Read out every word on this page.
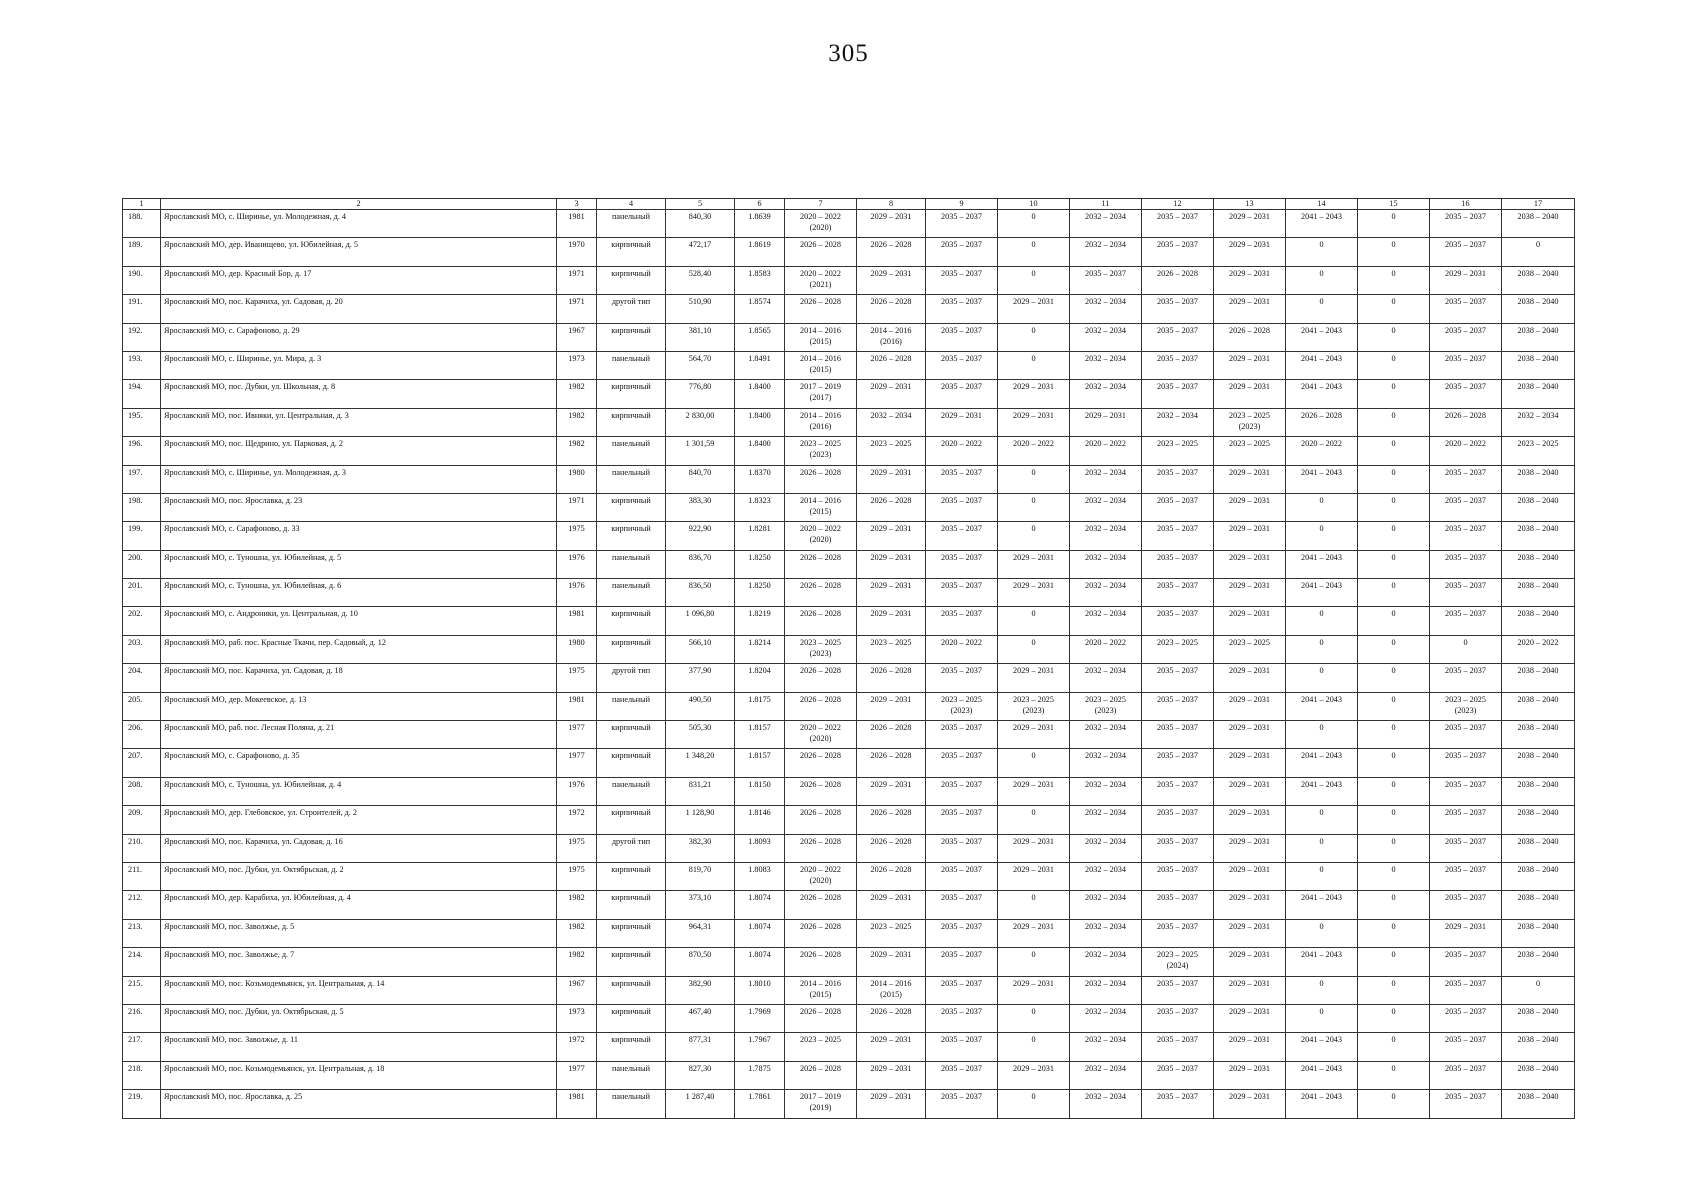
305
1	2	3	4	5	6	7	8	9	10	11	12	13	14	15	16	17

188.	Ярославский МО, с. Ширинье, ул. Молодежная, д. 4	1981	панельный	840,30	1.8639	2020 – 2022
(2020)	2029 – 2031	2035 – 2037	0	2032 – 2034	2035 – 2037	2029 – 2031	2041 – 2043	0	2035 – 2037	2038 – 2040

189.	Ярославский МО, дер. Иванищево, ул. Юбилейная, д. 5	1970	кирпичный	472,17	1.8619	2026 – 2028	2026 – 2028	2035 – 2037	0	2032 – 2034	2035 – 2037	2029 – 2031	0	0	2035 – 2037	0

190.	Ярославский МО, дер. Красный Бор, д. 17	1971	кирпичный	528,40	1.8583	2020 – 2022
(2021)	2029 – 2031	2035 – 2037	0	2035 – 2037	2026 – 2028	2029 – 2031	0	0	2029 – 2031	2038 – 2040

191.	Ярославский МО, пос. Карачиха, ул. Садовая, д. 20	1971	другой тип	510,90	1.8574	2026 – 2028	2026 – 2028	2035 – 2037	2029 – 2031	2032 – 2034	2035 – 2037	2029 – 2031	0	0	2035 – 2037	2038 – 2040

192.	Ярославский МО, с. Сарафоново, д. 29	1967	кирпичный	381,10	1.8565	2014 – 2016
(2015)	2014 – 2016
(2016)	2035 – 2037	0	2032 – 2034	2035 – 2037	2026 – 2028	2041 – 2043	0	2035 – 2037	2038 – 2040

193.	Ярославский МО, с. Ширинье, ул. Мира, д. 3	1973	панельный	564,70	1.8491	2014 – 2016
(2015)	2026 – 2028	2035 – 2037	0	2032 – 2034	2035 – 2037	2029 – 2031	2041 – 2043	0	2035 – 2037	2038 – 2040

194.	Ярославский МО, пос. Дубки, ул. Школьная, д. 8	1982	кирпичный	776,80	1.8400	2017 – 2019
(2017)	2029 – 2031	2035 – 2037	2029 – 2031	2032 – 2034	2035 – 2037	2029 – 2031	2041 – 2043	0	2035 – 2037	2038 – 2040

195.	Ярославский МО, пос. Ивняки, ул. Центральная, д. 3	1982	кирпичный	2 830,00	1.8400	2014 – 2016
(2016)	2032 – 2034	2029 – 2031	2029 – 2031	2029 – 2031	2032 – 2034	2023 – 2025
(2023)	2026 – 2028	0	2026 – 2028	2032 – 2034

196.	Ярославский МО, пос. Щедрино, ул. Парковая, д. 2	1982	панельный	1 301,59	1.8400	2023 – 2025
(2023)	2023 – 2025	2020 – 2022	2020 – 2022	2020 – 2022	2023 – 2025	2023 – 2025	2020 – 2022	0	2020 – 2022	2023 – 2025

197.	Ярославский МО, с. Ширинье, ул. Молодежная, д. 3	1980	панельный	840,70	1.8370	2026 – 2028	2029 – 2031	2035 – 2037	0	2032 – 2034	2035 – 2037	2029 – 2031	2041 – 2043	0	2035 – 2037	2038 – 2040

198.	Ярославский МО, пос. Ярославка, д. 23	1971	кирпичный	383,30	1.8323	2014 – 2016
(2015)	2026 – 2028	2035 – 2037	0	2032 – 2034	2035 – 2037	2029 – 2031	0	0	2035 – 2037	2038 – 2040

199.	Ярославский МО, с. Сарафоново, д. 33	1975	кирпичный	922,90	1.8281	2020 – 2022
(2020)	2029 – 2031	2035 – 2037	0	2032 – 2034	2035 – 2037	2029 – 2031	0	0	2035 – 2037	2038 – 2040

200.	Ярославский МО, с. Туношна, ул. Юбилейная, д. 5	1976	панельный	836,70	1.8250	2026 – 2028	2029 – 2031	2035 – 2037	2029 – 2031	2032 – 2034	2035 – 2037	2029 – 2031	2041 – 2043	0	2035 – 2037	2038 – 2040

201.	Ярославский МО, с. Туношна, ул. Юбилейная, д. 6	1976	панельный	836,50	1.8250	2026 – 2028	2029 – 2031	2035 – 2037	2029 – 2031	2032 – 2034	2035 – 2037	2029 – 2031	2041 – 2043	0	2035 – 2037	2038 – 2040

202.	Ярославский МО, с. Андроники, ул. Центральная, д. 10	1981	кирпичный	1 096,80	1.8219	2026 – 2028	2029 – 2031	2035 – 2037	0	2032 – 2034	2035 – 2037	2029 – 2031	0	0	2035 – 2037	2038 – 2040

203.	Ярославский МО, раб. пос. Красные Ткачи, пер. Садовый, д. 12	1980	кирпичный	566,10	1.8214	2023 – 2025
(2023)	2023 – 2025	2020 – 2022	0	2020 – 2022	2023 – 2025	2023 – 2025	0	0	0	2020 – 2022

204.	Ярославский МО, пос. Карачиха, ул. Садовая, д. 18	1975	другой тип	377,90	1.8204	2026 – 2028	2026 – 2028	2035 – 2037	2029 – 2031	2032 – 2034	2035 – 2037	2029 – 2031	0	0	2035 – 2037	2038 – 2040

205.	Ярославский МО, дер. Мокеевское, д. 13	1981	панельный	490,50	1.8175	2026 – 2028	2029 – 2031	2023 – 2025
(2023)	2023 – 2025
(2023)	2023 – 2025
(2023)	2035 – 2037	2029 – 2031	2041 – 2043	0	2023 – 2025
(2023)	2038 – 2040

206.	Ярославский МО, раб. пос. Лесная Поляна, д. 21	1977	кирпичный	505,30	1.8157	2020 – 2022
(2020)	2026 – 2028	2035 – 2037	2029 – 2031	2032 – 2034	2035 – 2037	2029 – 2031	0	0	2035 – 2037	2038 – 2040

207.	Ярославский МО, с. Сарафоново, д. 35	1977	кирпичный	1 348,20	1.8157	2026 – 2028	2026 – 2028	2035 – 2037	0	2032 – 2034	2035 – 2037	2029 – 2031	2041 – 2043	0	2035 – 2037	2038 – 2040

208.	Ярославский МО, с. Туношна, ул. Юбилейная, д. 4	1976	панельный	831,21	1.8150	2026 – 2028	2029 – 2031	2035 – 2037	2029 – 2031	2032 – 2034	2035 – 2037	2029 – 2031	2041 – 2043	0	2035 – 2037	2038 – 2040

209.	Ярославский МО, дер. Глебовское, ул. Строителей, д. 2	1972	кирпичный	1 128,90	1.8146	2026 – 2028	2026 – 2028	2035 – 2037	0	2032 – 2034	2035 – 2037	2029 – 2031	0	0	2035 – 2037	2038 – 2040

210.	Ярославский МО, пос. Карачиха, ул. Садовая, д. 16	1975	другой тип	382,30	1.8093	2026 – 2028	2026 – 2028	2035 – 2037	2029 – 2031	2032 – 2034	2035 – 2037	2029 – 2031	0	0	2035 – 2037	2038 – 2040

211.	Ярославский МО, пос. Дубки, ул. Октябрьская, д. 2	1975	кирпичный	819,70	1.8083	2020 – 2022
(2020)	2026 – 2028	2035 – 2037	2029 – 2031	2032 – 2034	2035 – 2037	2029 – 2031	0	0	2035 – 2037	2038 – 2040

212.	Ярославский МО, дер. Карабиха, ул. Юбилейная, д. 4	1982	кирпичный	373,10	1.8074	2026 – 2028	2029 – 2031	2035 – 2037	0	2032 – 2034	2035 – 2037	2029 – 2031	2041 – 2043	0	2035 – 2037	2038 – 2040

213.	Ярославский МО, пос. Заволжье, д. 5	1982	кирпичный	964,31	1.8074	2026 – 2028	2023 – 2025	2035 – 2037	2029 – 2031	2032 – 2034	2035 – 2037	2029 – 2031	0	0	2029 – 2031	2038 – 2040

214.	Ярославский МО, пос. Заволжье, д. 7	1982	кирпичный	870,50	1.8074	2026 – 2028	2029 – 2031	2035 – 2037	0	2032 – 2034	2023 – 2025
(2024)	2029 – 2031	2041 – 2043	0	2035 – 2037	2038 – 2040

215.	Ярославский МО, пос. Козьмодемьянск, ул. Центральная, д. 14	1967	кирпичный	382,90	1.8010	2014 – 2016
(2015)	2014 – 2016
(2015)	2035 – 2037	2029 – 2031	2032 – 2034	2035 – 2037	2029 – 2031	0	0	2035 – 2037	0

216.	Ярославский МО, пос. Дубки, ул. Октябрьская, д. 5	1973	кирпичный	467,40	1.7969	2026 – 2028	2026 – 2028	2035 – 2037	0	2032 – 2034	2035 – 2037	2029 – 2031	0	0	2035 – 2037	2038 – 2040

217.	Ярославский МО, пос. Заволжье, д. 11	1972	кирпичный	877,31	1.7967	2023 – 2025	2029 – 2031	2035 – 2037	0	2032 – 2034	2035 – 2037	2029 – 2031	2041 – 2043	0	2035 – 2037	2038 – 2040

218.	Ярославский МО, пос. Козьмодемьянск, ул. Центральная, д. 18	1977	панельный	827,30	1.7875	2026 – 2028	2029 – 2031	2035 – 2037	2029 – 2031	2032 – 2034	2035 – 2037	2029 – 2031	2041 – 2043	0	2035 – 2037	2038 – 2040

219.	Ярославский МО, пос. Ярославка, д. 25	1981	панельный	1 287,40	1.7861	2017 – 2019
(2019)	2029 – 2031	2035 – 2037	0	2032 – 2034	2035 – 2037	2029 – 2031	2041 – 2043	0	2035 – 2037	2038 – 2040
